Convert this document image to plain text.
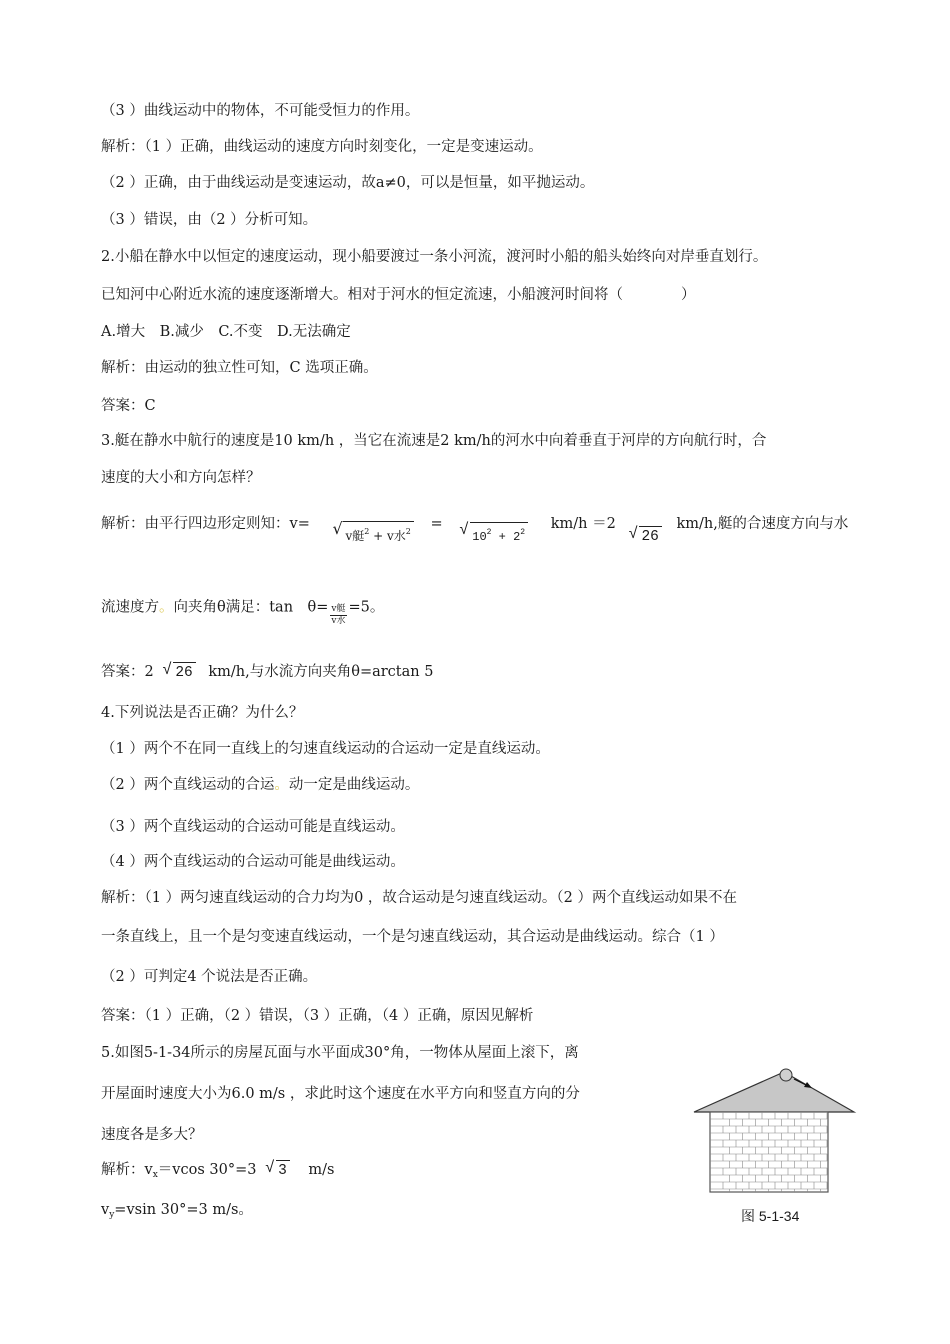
（3 ）曲线运动中的物体，不可能受恒力的作用。
解析：（1 ）正确，曲线运动的速度方向时刻变化，一定是变速运动。
（2 ）正确，由于曲线运动是变速运动，故a≠0，可以是恒量，如平抛运动。
（3 ）错误，由（2 ）分析可知。
2.小船在静水中以恒定的速度运动，现小船要渡过一条小河流，渡河时小船的船头始终向对岸垂直划行。
已知河中心附近水流的速度逐渐增大。相对于河水的恒定流速，小船渡河时间将（　　　　）
A.增大　B.减少　C.不变　D.无法确定
解析：由运动的独立性可知，C 选项正确。
答案：C
3.艇在静水中航行的速度是10 km/h ，当它在流速是2 km/h的河水中向着垂直于河岸的方向航行时，合
速度的大小和方向怎样？
解析：由平行四边形定则知：v= √ v艇$^2$ + v水$^2$ = √ $10^2 + 2^2$ km/h ＝2
√ 26 km/h,艇的合速度方向与水
流速度方。向夹角θ满足：tan　$\theta= \frac{\text{v艇}}{\text{v水}} =5$。
答案：2 √ 26 km/h,与水流方向夹角θ=arctan 5
4.下列说法是否正确？为什么？
（1 ）两个不在同一直线上的匀速直线运动的合运动一定是直线运动。
（2 ）两个直线运动的合运。动一定是曲线运动。
（3 ）两个直线运动的合运动可能是直线运动。
（4 ）两个直线运动的合运动可能是曲线运动。
解析：（1 ）两匀速直线运动的合力均为0 ，故合运动是匀速直线运动。（2 ）两个直线运动如果不在
一条直线上，且一个是匀变速直线运动，一个是匀速直线运动，其合运动是曲线运动。综合（1 ）
（2 ）可判定4 个说法是否正确。
答案：（1 ）正确，（2 ）错误，（3 ）正确，（4 ）正确，原因见解析
5.如图5-1-34所示的房屋瓦面与水平面成30°角，一物体从屋面上滚下，离
开屋面时速度大小为6.0 m/s ，求此时这个速度在水平方向和竖直方向的分
速度各是多大？
解析：$v_x=vcos$ 30°=3 √ 3 m/s
$v_y=vsin$ 30°=3 m/s。	图 5-1-34
